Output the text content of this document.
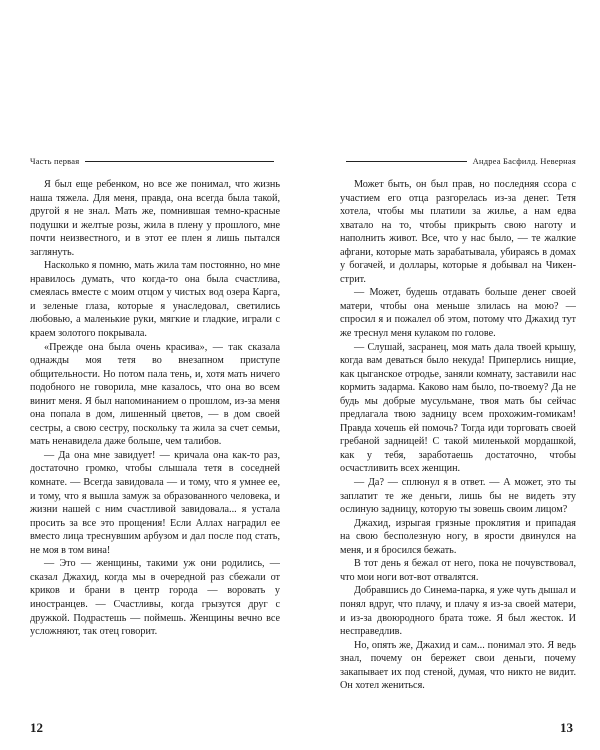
Часть первая	Андреа Басфилд. Неверная

Я был еще ребенком, но все же понимал, что жизнь наша тяжела. Для меня, правда, она всегда была такой, другой я не знал. Мать же, помнившая темно-красные подушки и желтые розы, жила в плену у прошлого, мне почти неизвестного, и в этот ее плен я лишь пытался заглянуть.

Насколько я помню, мать жила там постоянно, но мне нравилось думать, что когда-то она была счастлива, смеялась вместе с моим отцом у чистых вод озера Карга, и зеленые глаза, которые я унаследовал, светились любовью, а маленькие руки, мягкие и гладкие, играли с краем золотого покрывала.

«Прежде она была очень красива», — так сказала однажды моя тетя во внезапном приступе общительности. Но потом пала тень, и, хотя мать ничего подобного не говорила, мне казалось, что она во всем винит меня. Я был напоминанием о прошлом, из-за меня она попала в дом, лишенный цветов, — в дом своей сестры, а свою сестру, поскольку та жила за счет семьи, мать ненавидела даже больше, чем талибов.

— Да она мне завидует! — кричала она как-то раз, достаточно громко, чтобы слышала тетя в соседней комнате. — Всегда завидовала — и тому, что я умнее ее, и тому, что я вышла замуж за образованного человека, и жизни нашей с ним счастливой завидовала... я устала просить за все это прощения! Если Аллах наградил ее вместо лица треснувшим арбузом и дал после под стать, не моя в том вина!

— Это — женщины, такими уж они родились, — сказал Джахид, когда мы в очередной раз сбежали от криков и брани в центр города — воровать у иностранцев. — Счастливы, когда грызутся друг с дружкой. Подрастешь — поймешь. Женщины вечно все усложняют, так отец говорит.

Может быть, он был прав, но последняя ссора с участием его отца разгорелась из-за денег. Тетя хотела, чтобы мы платили за жилье, а нам едва хватало на то, чтобы прикрыть свою наготу и наполнить живот. Все, что у нас было, — те жалкие афгани, которые мать зарабатывала, убираясь в домах у богачей, и доллары, которые я добывал на Чикен-стрит.

— Может, будешь отдавать больше денег своей матери, чтобы она меньше злилась на мою? — спросил я и пожалел об этом, потому что Джахид тут же треснул меня кулаком по голове.

— Слушай, засранец, моя мать дала твоей крышу, когда вам деваться было некуда! Приперлись нищие, как цыганское отродье, заняли комнату, заставили нас кормить задарма. Каково нам было, по-твоему? Да не будь мы добрые мусульмане, твоя мать бы сейчас предлагала твою задницу всем прохожим-гомикам! Правда хочешь ей помочь? Тогда иди торговать своей гребаной задницей! С такой миленькой мордашкой, как у тебя, заработаешь достаточно, чтобы осчастливить всех женщин.

— Да? — сплюнул я в ответ. — А может, это ты заплатит те же деньги, лишь бы не видеть эту ослиную задницу, которую ты зовешь своим лицом?

Джахид, изрыгая грязные проклятия и припадая на свою бесполезную ногу, в ярости двинулся на меня, и я бросился бежать.

В тот день я бежал от него, пока не почувствовал, что мои ноги вот-вот отвалятся.

Добравшись до Синема-парка, я уже чуть дышал и понял вдруг, что плачу, и плачу я из-за своей матери, и из-за двоюродного брата тоже. Я был жесток. И несправедлив.

Но, опять же, Джахид и сам... понимал это. Я ведь знал, почему он бережет свои деньги, почему закапывает их под стеной, думая, что никто не видит. Он хотел жениться.

12	13
